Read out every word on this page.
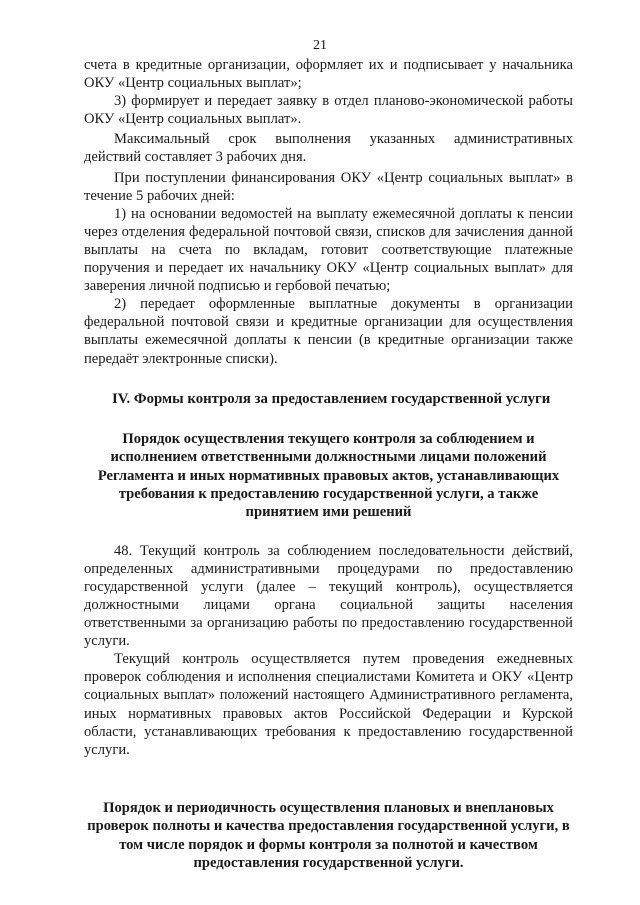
21

счета в кредитные организации, оформляет их и подписывает у начальника ОКУ «Центр социальных выплат»;

3) формирует и передает заявку в отдел планово-экономической работы ОКУ «Центр социальных выплат».

Максимальный срок выполнения указанных административных действий составляет 3 рабочих дня.

При поступлении финансирования ОКУ «Центр социальных выплат» в течение 5 рабочих дней:

1) на основании ведомостей на выплату ежемесячной доплаты к пенсии через отделения федеральной почтовой связи, списков для зачисления данной выплаты на счета по вкладам, готовит соответствующие платежные поручения и передает их начальнику ОКУ «Центр социальных выплат» для заверения личной подписью и гербовой печатью;

2) передает оформленные выплатные документы в организации федеральной почтовой связи и кредитные организации для осуществления выплаты ежемесячной доплаты к пенсии (в кредитные организации также передаёт электронные списки).

IV. Формы контроля за предоставлением государственной услуги
Порядок осуществления текущего контроля за соблюдением и исполнением ответственными должностными лицами положений Регламента и иных нормативных правовых актов, устанавливающих требования к предоставлению государственной услуги, а также принятием ими решений

48. Текущий контроль за соблюдением последовательности действий, определенных административными процедурами по предоставлению государственной услуги (далее – текущий контроль), осуществляется должностными лицами органа социальной защиты населения ответственными за организацию работы по предоставлению государственной услуги.

Текущий контроль осуществляется путем проведения ежедневных проверок соблюдения и исполнения специалистами Комитета и ОКУ «Центр социальных выплат» положений настоящего Административного регламента, иных нормативных правовых актов Российской Федерации и Курской области, устанавливающих требования к предоставлению государственной услуги.

Порядок и периодичность осуществления плановых и внеплановых проверок полноты и качества предоставления государственной услуги, в том числе порядок и формы контроля за полнотой и качеством предоставления государственной услуги.
